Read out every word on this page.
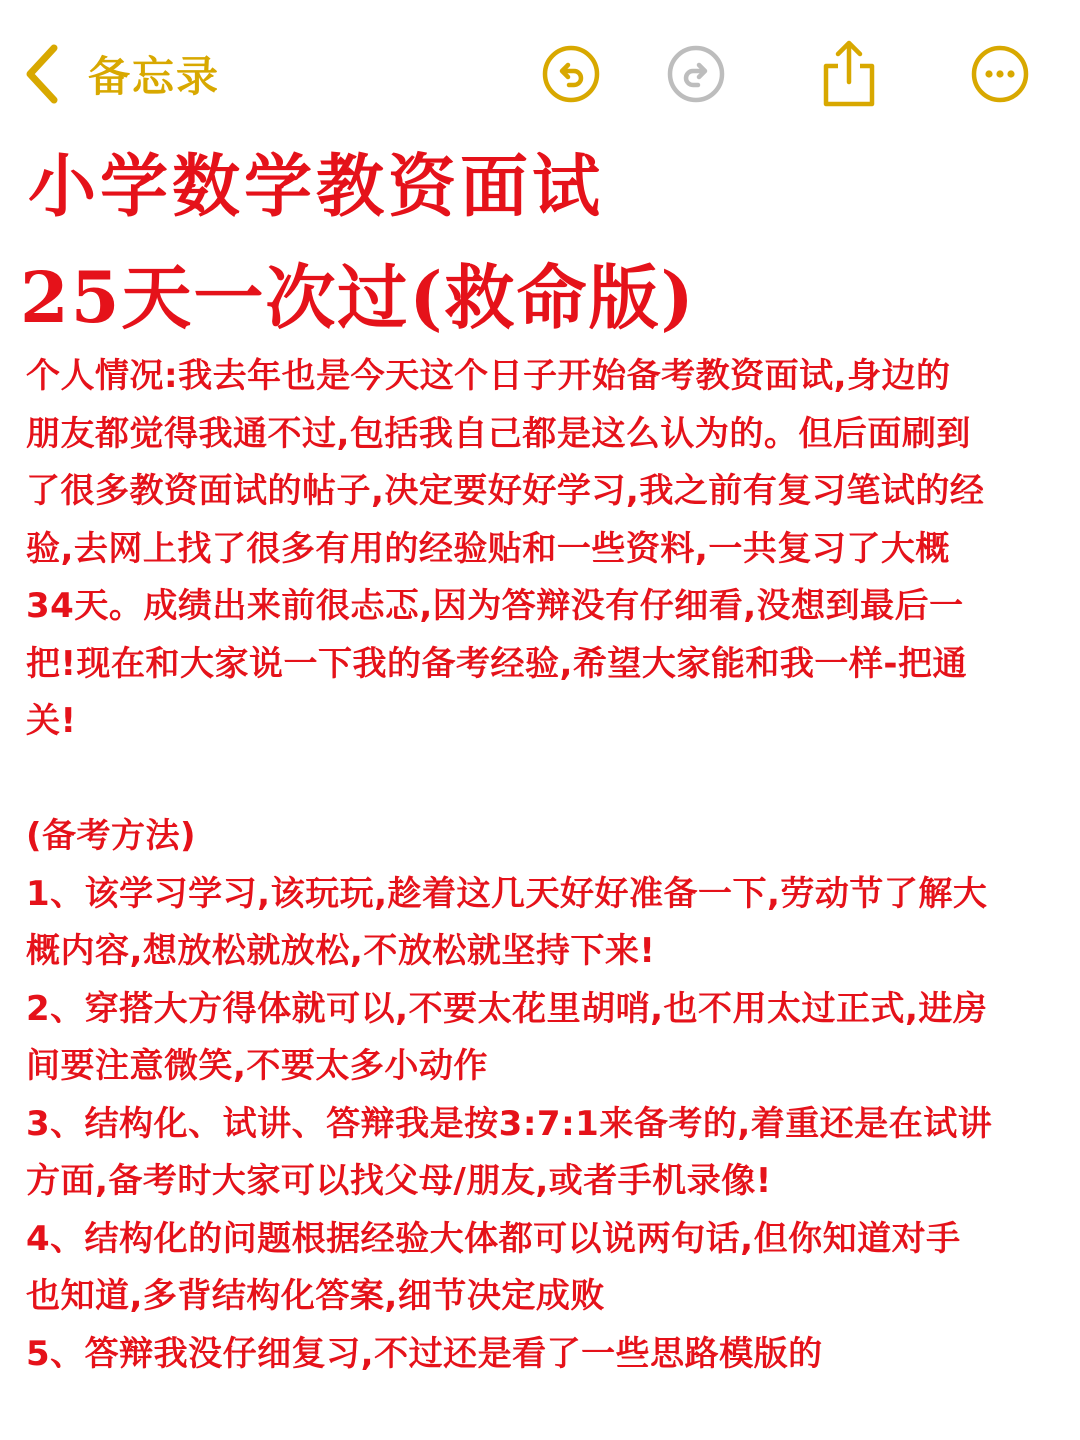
备忘录
小学数学教资面试
25天一次过(救命版)
个人情况:我去年也是今天这个日子开始备考教资面试,身边的
朋友都觉得我通不过,包括我自己都是这么认为的。但后面刷到
了很多教资面试的帖子,决定要好好学习,我之前有复习笔试的经
验,去网上找了很多有用的经验贴和一些资料,一共复习了大概
34天。成绩出来前很忐忑,因为答辩没有仔细看,没想到最后一
把!现在和大家说一下我的备考经验,希望大家能和我一样-把通
关!
(备考方法)
1、该学习学习,该玩玩,趁着这几天好好准备一下,劳动节了解大
概内容,想放松就放松,不放松就坚持下来!
2、穿搭大方得体就可以,不要太花里胡哨,也不用太过正式,进房
间要注意微笑,不要太多小动作
3、结构化、试讲、答辩我是按3:7:1来备考的,着重还是在试讲
方面,备考时大家可以找父母/朋友,或者手机录像!
4、结构化的问题根据经验大体都可以说两句话,但你知道对手
也知道,多背结构化答案,细节决定成败
5、答辩我没仔细复习,不过还是看了一些思路模版的
